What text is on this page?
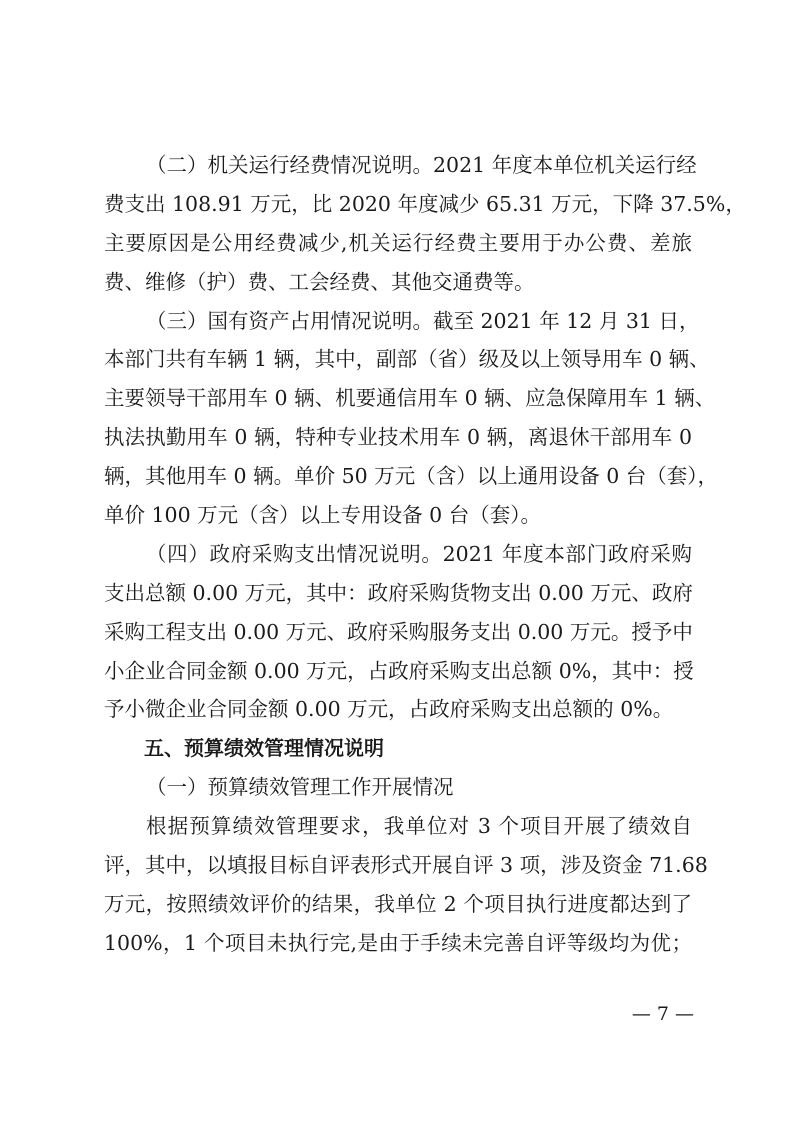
（二）机关运行经费情况说明。2021 年度本单位机关运行经
费支出 108.91 万元，比 2020 年度减少 65.31 万元，下降 37.5%，
主要原因是公用经费减少,机关运行经费主要用于办公费、差旅
费、维修（护）费、工会经费、其他交通费等。
（三）国有资产占用情况说明。截至 2021 年 12 月 31 日，
本部门共有车辆 1 辆，其中，副部（省）级及以上领导用车 0 辆、
主要领导干部用车 0 辆、机要通信用车 0 辆、应急保障用车 1 辆、
执法执勤用车 0 辆，特种专业技术用车 0 辆，离退休干部用车 0
辆，其他用车 0 辆。单价 50 万元（含）以上通用设备 0 台（套），
单价 100 万元（含）以上专用设备 0 台（套）。
（四）政府采购支出情况说明。2021 年度本部门政府采购
支出总额 0.00 万元，其中：政府采购货物支出 0.00 万元、政府
采购工程支出 0.00 万元、政府采购服务支出 0.00 万元。授予中
小企业合同金额 0.00 万元，占政府采购支出总额 0%，其中：授
予小微企业合同金额 0.00 万元，占政府采购支出总额的 0%。
五、预算绩效管理情况说明
（一）预算绩效管理工作开展情况
根据预算绩效管理要求，我单位对 3 个项目开展了绩效自
评，其中，以填报目标自评表形式开展自评 3 项，涉及资金 71.68
万元，按照绩效评价的结果，我单位 2 个项目执行进度都达到了
100%，1 个项目未执行完,是由于手续未完善自评等级均为优；
— 7 —
